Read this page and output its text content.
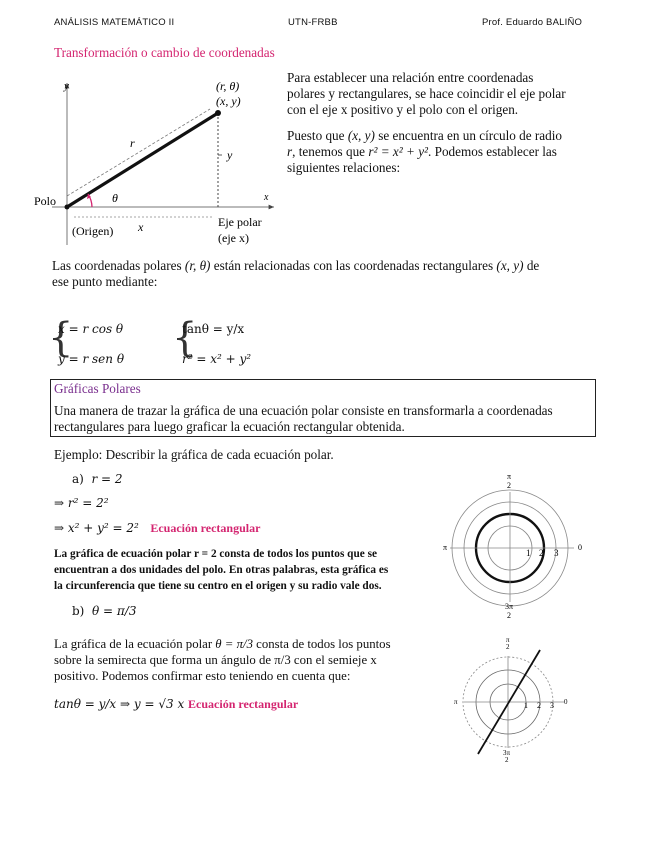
ANÁLISIS MATEMÁTICO II	UTN-FRBB	Prof. Eduardo BALIÑO
Transformación o cambio de coordenadas
y
x
(r, θ)
(x, y)
r
y
θ
Polo
(Origen) x	Eje polar
(eje x)
Para establecer una relación entre coordenadas
polares y rectangulares, se hace coincidir el eje polar
con el eje x positivo y el polo con el origen.
Puesto que (x, y) se encuentra en un círculo de radio
r, tenemos que r² = x² + y². Podemos establecer las
siguientes relaciones:
Las coordenadas polares (r, θ) están relacionadas con las coordenadas rectangulares (x, y) de
ese punto mediante:
{
x = r cos θ
y = r sen θ {
tanθ = y/x
r² = x² + y²
Gráficas Polares
Una manera de trazar la gráfica de una ecuación polar consiste en transformarla a coordenadas
rectangulares para luego graficar la ecuación rectangular obtenida.
Ejemplo: Describir la gráfica de cada ecuación polar.
a) r = 2
⇒ r² = 2²
⇒ x² + y² = 2² Ecuación rectangular
La gráfica de ecuación polar r = 2 consta de todos los puntos que se
encuentran a dos unidades del polo. En otras palabras, esta gráfica es
la circunferencia que tiene su centro en el origen y su radio vale dos.
b) θ = π/3
La gráfica de la ecuación polar θ = π/3 consta de todos los puntos
sobre la semirecta que forma un ángulo de π/3 con el semieje x
positivo. Podemos confirmar esto teniendo en cuenta que:
tanθ = y/x ⇒ y = √3 x Ecuación rectangular
π
2
π	0
3π
2
1 2 3
π
2
π	0
3π
2
1 2 3
